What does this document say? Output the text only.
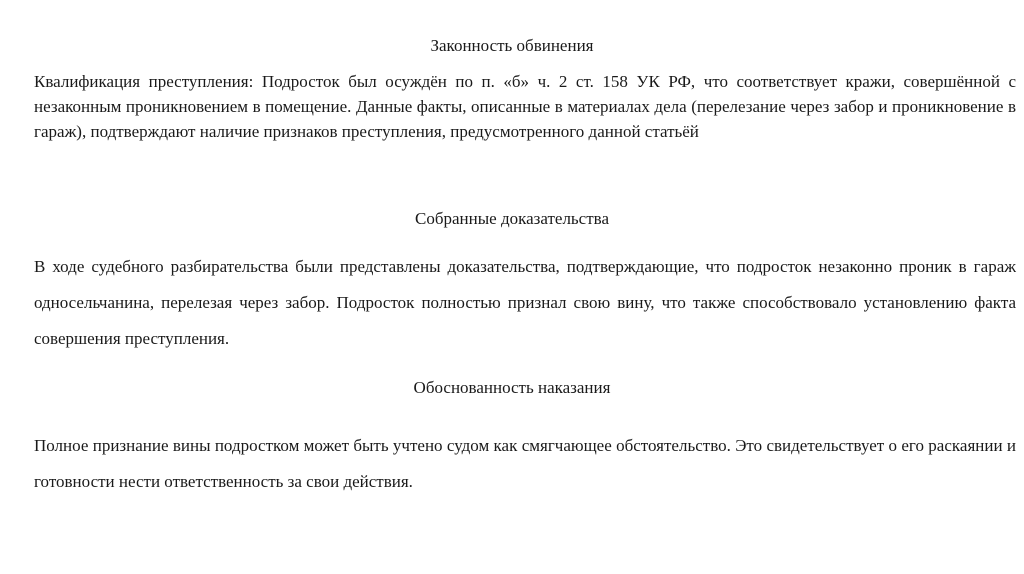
Законность обвинения

Квалификация преступления: Подросток был осуждён по п. «б» ч. 2 ст. 158 УК РФ, что соответствует кражи, совершённой с незаконным проникновением в помещение. Данные факты, описанные в материалах дела (перелезание через забор и проникновение в гараж), подтверждают наличие признаков преступления, предусмотренного данной статьёй

Собранные доказательства

В ходе судебного разбирательства были представлены доказательства, подтверждающие, что подросток незаконно проник в гараж односельчанина, перелезая через забор. Подросток полностью признал свою вину, что также способствовало установлению факта совершения преступления.

Обоснованность наказания

Полное признание вины подростком может быть учтено судом как смягчающее обстоятельство. Это свидетельствует о его раскаянии и готовности нести ответственность за свои действия.
